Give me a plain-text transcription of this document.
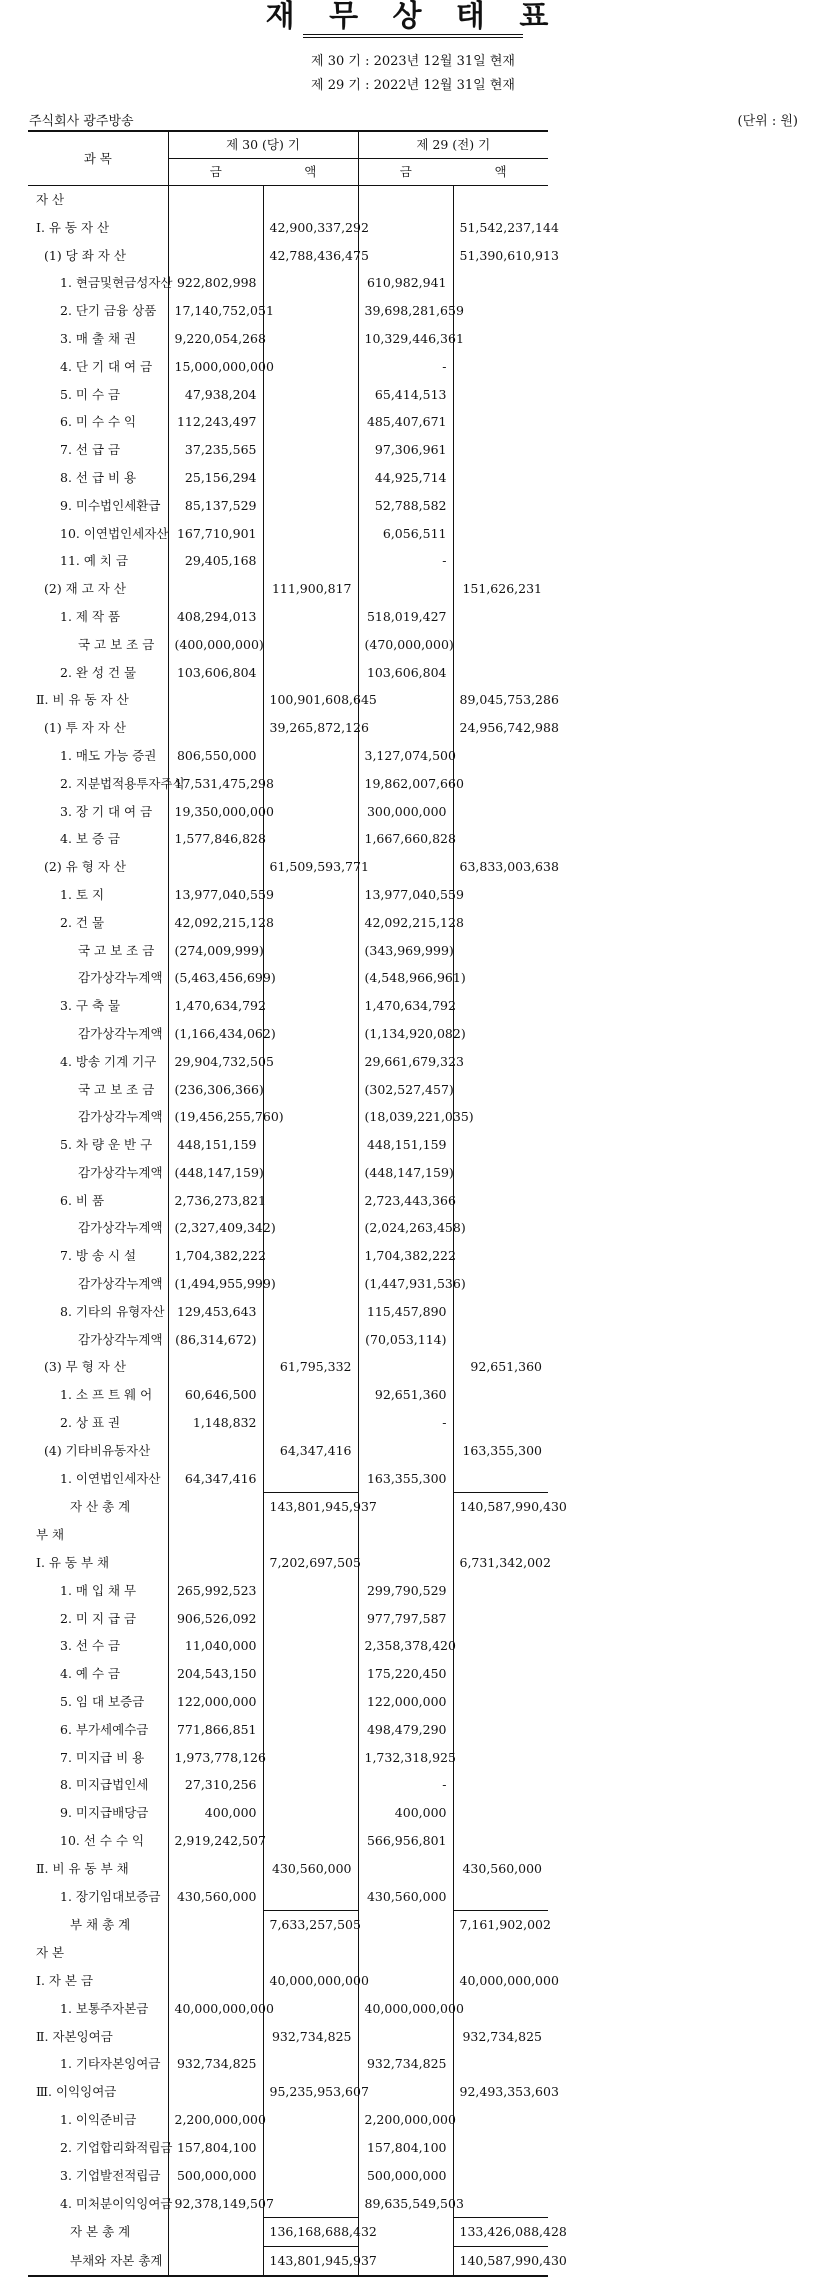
재 무 상 태 표
제 30 기 : 2023년 12월 31일 현재
제 29 기 : 2022년 12월 31일 현재
주식회사 광주방송	(단위 : 원)
과 목	제 30 (당) 기		제 29 (전) 기	
	금	액	금	액
자 산				
Ⅰ. 유 동 자 산		42,900,337,292		51,542,237,144
(1) 당 좌 자 산		42,788,436,475		51,390,610,913
1. 현금및현금성자산	922,802,998		610,982,941	
2. 단기 금융 상품	17,140,752,051		39,698,281,659	
3. 매 출 채 권	9,220,054,268		10,329,446,361	
4. 단 기 대 여 금	15,000,000,000		-	
5. 미 수 금	47,938,204		65,414,513	
6. 미 수 수 익	112,243,497		485,407,671	
7. 선 급 금	37,235,565		97,306,961	
8. 선 급 비 용	25,156,294		44,925,714	
9. 미수법인세환급	85,137,529		52,788,582	
10. 이연법인세자산	167,710,901		6,056,511	
11. 예 치 금	29,405,168		-	
(2) 재 고 자 산		111,900,817		151,626,231
1. 제 작 품	408,294,013		518,019,427	
국 고 보 조 금	(400,000,000)		(470,000,000)	
2. 완 성 건 물	103,606,804		103,606,804	
Ⅱ. 비 유 동 자 산		100,901,608,645		89,045,753,286
(1) 투 자 자 산		39,265,872,126		24,956,742,988
1. 매도 가능 증권	806,550,000		3,127,074,500	
2. 지분법적용투자주식	17,531,475,298		19,862,007,660	
3. 장 기 대 여 금	19,350,000,000		300,000,000	
4. 보 증 금	1,577,846,828		1,667,660,828	
(2) 유 형 자 산		61,509,593,771		63,833,003,638
1. 토 지	13,977,040,559		13,977,040,559	
2. 건 물	42,092,215,128		42,092,215,128	
국 고 보 조 금	(274,009,999)		(343,969,999)	
감가상각누계액	(5,463,456,699)		(4,548,966,961)	
3. 구 축 물	1,470,634,792		1,470,634,792	
감가상각누계액	(1,166,434,062)		(1,134,920,082)	
4. 방송 기계 기구	29,904,732,505		29,661,679,323	
국 고 보 조 금	(236,306,366)		(302,527,457)	
감가상각누계액	(19,456,255,760)		(18,039,221,035)	
5. 차 량 운 반 구	448,151,159		448,151,159	
감가상각누계액	(448,147,159)		(448,147,159)	
6. 비 품	2,736,273,821		2,723,443,366	
감가상각누계액	(2,327,409,342)		(2,024,263,458)	
7. 방 송 시 설	1,704,382,222		1,704,382,222	
감가상각누계액	(1,494,955,999)		(1,447,931,536)	
8. 기타의 유형자산	129,453,643		115,457,890	
감가상각누계액	(86,314,672)		(70,053,114)	
(3) 무 형 자 산		61,795,332		92,651,360
1. 소 프 트 웨 어	60,646,500		92,651,360	
2. 상 표 권	1,148,832		-	
(4) 기타비유동자산		64,347,416		163,355,300
1. 이연법인세자산	64,347,416		163,355,300	
자 산 총 계		143,801,945,937		140,587,990,430
부 채				
Ⅰ. 유 동 부 채		7,202,697,505		6,731,342,002
1. 매 입 채 무	265,992,523		299,790,529	
2. 미 지 급 금	906,526,092		977,797,587	
3. 선 수 금	11,040,000		2,358,378,420	
4. 예 수 금	204,543,150		175,220,450	
5. 임 대 보증금	122,000,000		122,000,000	
6. 부가세예수금	771,866,851		498,479,290	
7. 미지급 비 용	1,973,778,126		1,732,318,925	
8. 미지급법인세	27,310,256		-	
9. 미지급배당금	400,000		400,000	
10. 선 수 수 익	2,919,242,507		566,956,801	
Ⅱ. 비 유 동 부 채		430,560,000		430,560,000
1. 장기임대보증금	430,560,000		430,560,000	
부 채 총 계		7,633,257,505		7,161,902,002
자 본				
Ⅰ. 자 본 금		40,000,000,000		40,000,000,000
1. 보통주자본금	40,000,000,000		40,000,000,000	
Ⅱ. 자본잉여금		932,734,825		932,734,825
1. 기타자본잉여금	932,734,825		932,734,825	
Ⅲ. 이익잉여금		95,235,953,607		92,493,353,603
1. 이익준비금	2,200,000,000		2,200,000,000	
2. 기업합리화적립금	157,804,100		157,804,100	
3. 기업발전적립금	500,000,000		500,000,000	
4. 미처분이익잉여금	92,378,149,507		89,635,549,503	
자 본 총 계		136,168,688,432		133,426,088,428
부채와 자본 총계		143,801,945,937		140,587,990,430
